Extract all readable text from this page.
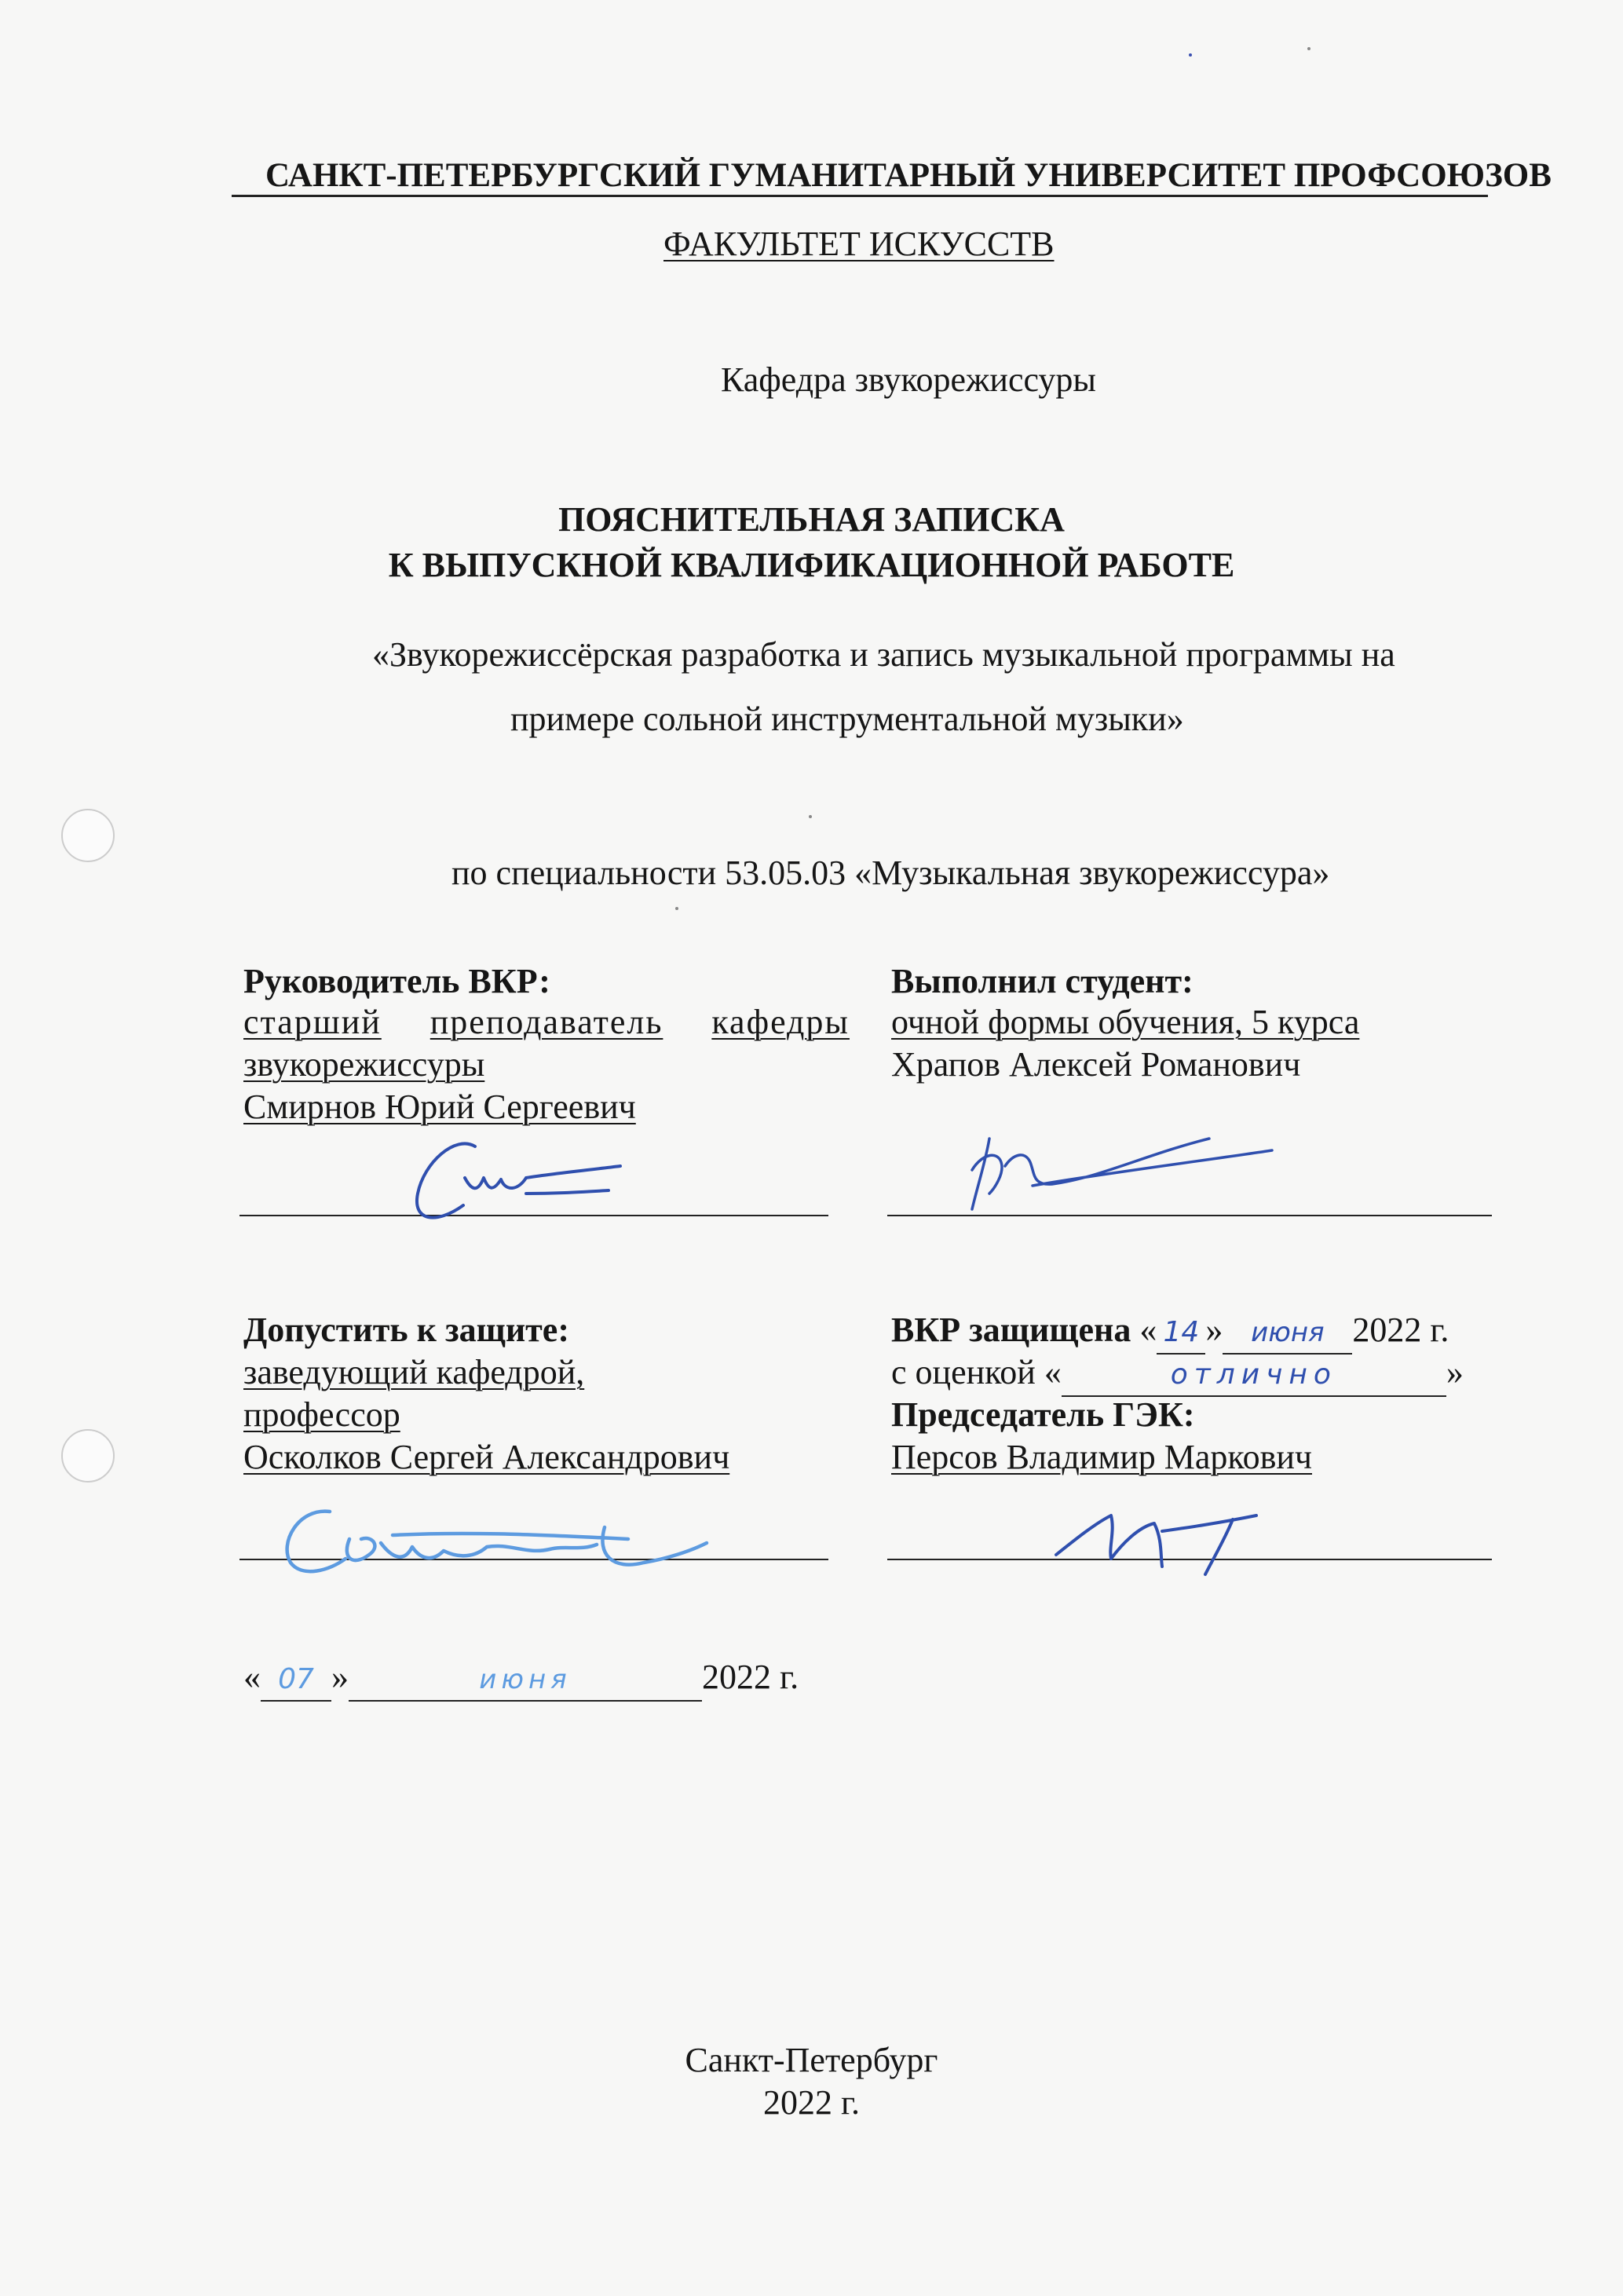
САНКТ-ПЕТЕРБУРГСКИЙ ГУМАНИТАРНЫЙ УНИВЕРСИТЕТ ПРОФСОЮЗОВ
ФАКУЛЬТЕТ ИСКУССТВ
Кафедра звукорежиссуры
ПОЯСНИТЕЛЬНАЯ ЗАПИСКА
К ВЫПУСКНОЙ КВАЛИФИКАЦИОННОЙ РАБОТЕ
«Звукорежиссёрская разработка и запись музыкальной программы на
примере сольной инструментальной музыки»
по специальности 53.05.03 «Музыкальная звукорежиссура»
Руководитель ВКР:
старший преподаватель кафедры
звукорежиссуры
Смирнов Юрий Сергеевич
Выполнил студент:
очной формы обучения, 5 курса
Храпов Алексей Романович
Допустить к защите:
заведующий кафедрой,
профессор
Осколков Сергей Александрович
« 07 »	июня	2022 г.
ВКР защищена « 14 » июня 2022 г.
с оценкой «	отлично	»
Председатель ГЭК:
Персов Владимир Маркович
Санкт-Петербург
2022 г.
